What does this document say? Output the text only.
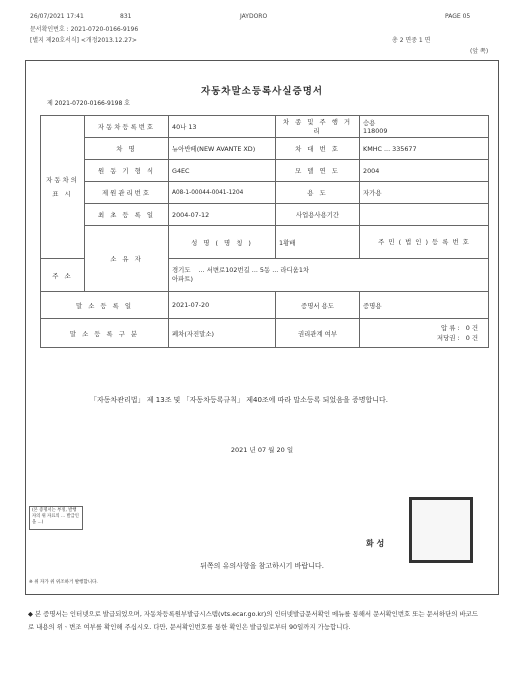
26/07/2021 17:41	831	JAYDORO	PAGE 05
문서확인번호 : 2021-0720-0166-9196
[별지 제20호서식] <개정2013.12.27>	총 2 면중 1 면
(앞 쪽)
자동차말소등록사실증명서
제 2021-0720-0166-9198 호
자동차의 표 시	자동차등록번호	40나 13	차 종 및 주 행 거 리	승용
118009	

	차 명	뉴아반떼(NEW AVANTE XD)	차 대 번 호	KMHC ... 335677	
	원 동 기 형 식	G4EC	모 델 연 도	2004	
	제원관리번호	A08-1-00044-0041-1204	용 도	자가용	
	최 초 등 록 일	2004-07-12	사업용사용기간		
	소 유 자	성 명 ( 명 칭 )	1황배	주 민 ( 법 인 ) 등 록 번 호	
주 소		경기도 ... 서변로102번길 ... 5동 ... 라디움1차
아파트)			
말 소 등 록 일		2021-07-20	증명서 용도	증명용	
말 소 등 록 구 분		폐차(자진말소)	권리관계 여부	압 류 : 0 건
저당권 : 0 건	
「자동차관리법」 제 13조 및 「자동차등록규칙」 제40조에 따라 말소등록 되었음을 증명합니다.
2021 년 07 월 20 일
(본 증명서는 부정, 발행자의 위 자료의 ... 발급인을 ...)
화 성
뒤쪽의 유의사항을 참고하시기 바랍니다.
※ 위 자가 위 위조하거 발행합니다.
◆ 본 증명서는 인터넷으로 발급되었으며, 자동차등록원부발급시스템(vts.ecar.go.kr)의 인터넷발급문서확인 메뉴를 통해서 문서확인번호 또는 문서하단의 바코드로 내용의 위ㆍ변조 여부를 확인해 주십시오. 다만, 문서확인번호를 통한 확인은 발급일로부터 90일까지 가능합니다.
